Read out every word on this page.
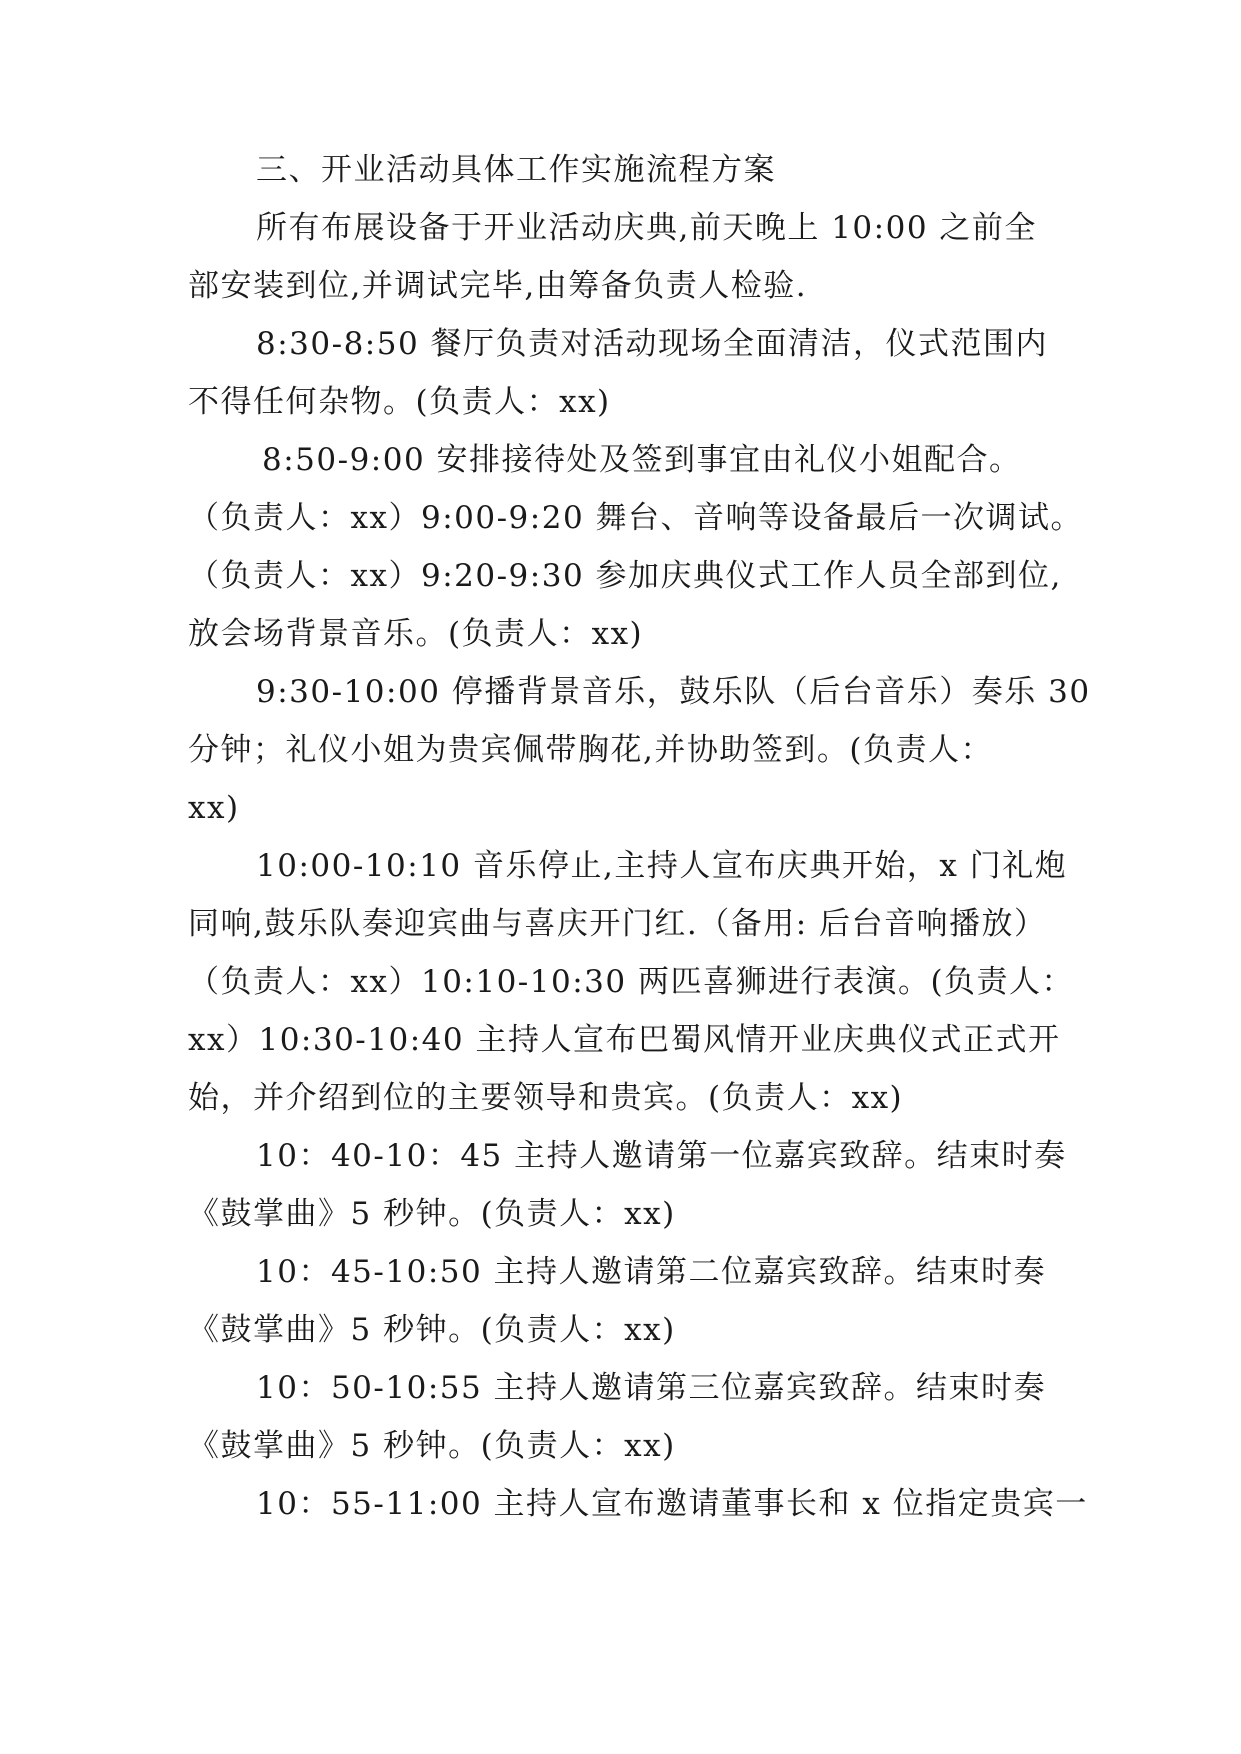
三、开业活动具体工作实施流程方案
所有布展设备于开业活动庆典,前天晚上 10:00 之前全
部安装到位,并调试完毕,由筹备负责人检验.
8:30-8:50 餐厅负责对活动现场全面清洁，仪式范围内
不得任何杂物。(负责人：xx)
8:50-9:00 安排接待处及签到事宜由礼仪小姐配合。
（负责人：xx）9:00-9:20 舞台、音响等设备最后一次调试。
（负责人：xx）9:20-9:30 参加庆典仪式工作人员全部到位,
放会场背景音乐。(负责人：xx)
9:30-10:00 停播背景音乐，鼓乐队（后台音乐）奏乐 30
分钟；礼仪小姐为贵宾佩带胸花,并协助签到。(负责人：
xx)
10:00-10:10 音乐停止,主持人宣布庆典开始，x 门礼炮
同响,鼓乐队奏迎宾曲与喜庆开门红.（备用: 后台音响播放）
（负责人：xx）10:10-10:30 两匹喜狮进行表演。(负责人：
xx）10:30-10:40 主持人宣布巴蜀风情开业庆典仪式正式开
始，并介绍到位的主要领导和贵宾。(负责人：xx)
10：40-10：45 主持人邀请第一位嘉宾致辞。结束时奏
《鼓掌曲》5 秒钟。(负责人：xx)
10：45-10:50 主持人邀请第二位嘉宾致辞。结束时奏
《鼓掌曲》5 秒钟。(负责人：xx)
10：50-10:55 主持人邀请第三位嘉宾致辞。结束时奏
《鼓掌曲》5 秒钟。(负责人：xx)
10：55-11:00 主持人宣布邀请董事长和 x 位指定贵宾一
